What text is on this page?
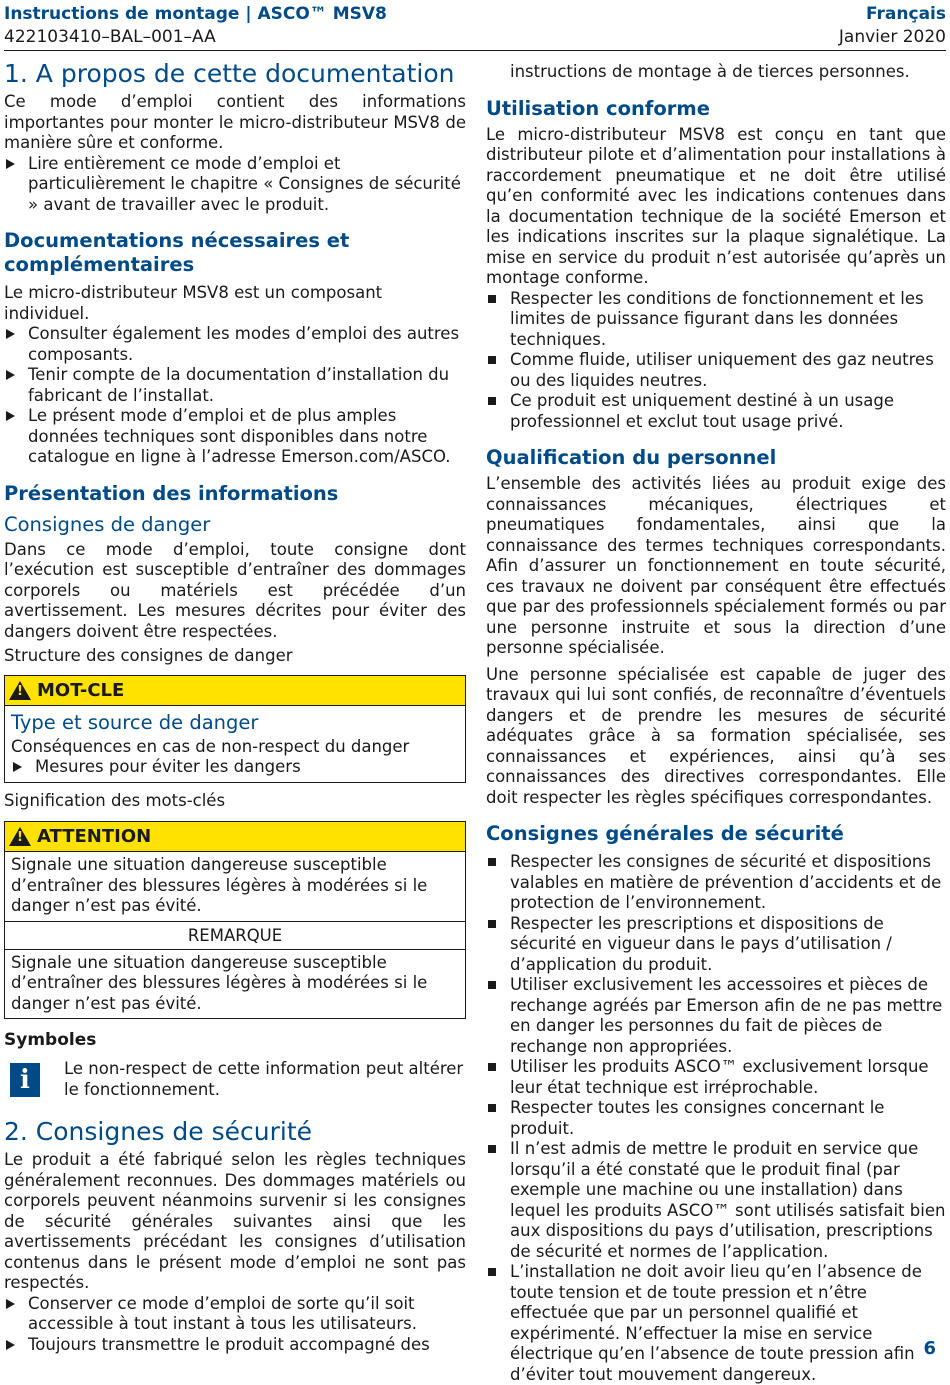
Instructions de montage | ASCO™ MSV8
422103410–BAL–001–AA
Français
Janvier 2020
1. A propos de cette documentation

Ce mode d’emploi contient des informations importantes pour monter le micro-distributeur MSV8 de manière sûre et conforme.

Lire entièrement ce mode d’emploi et particulièrement le chapitre « Consignes de sécurité » avant de travailler avec le produit.
Documentations nécessaires et complémentaires

Le micro-distributeur MSV8 est un composant individuel.

Consulter également les modes d’emploi des autres composants.
Tenir compte de la documentation d’installation du fabricant de l’installat.
Le présent mode d’emploi et de plus amples données techniques sont disponibles dans notre catalogue en ligne à l’adresse Emerson.com/ASCO.
Présentation des informations
Consignes de danger

Dans ce mode d’emploi, toute consigne dont l’exécution est susceptible d’entraîner des dommages corporels ou matériels est précédée d’un avertissement. Les mesures décrites pour éviter des dangers doivent être respectées.

Structure des consignes de danger

!
MOT-CLE
Type et source de danger

Conséquences en cas de non-respect du danger

Mesures pour éviter les dangers

Signification des mots-clés

!
ATTENTION

Signale une situation dangereuse susceptible d’entraîner des blessures légères à modérées si le danger n’est pas évité.

REMARQUE

Signale une situation dangereuse susceptible d’entraîner des blessures légères à modérées si le danger n’est pas évité.

Symboles
i	Le non-respect de cette information peut altérer le fonctionnement.

2. Consignes de sécurité

Le produit a été fabriqué selon les règles techniques généralement reconnues. Des dommages matériels ou corporels peuvent néanmoins survenir si les consignes de sécurité générales suivantes ainsi que les avertissements précédant les consignes d’utilisation contenus dans le présent mode d’emploi ne sont pas respectés.

Conserver ce mode d’emploi de sorte qu’il soit accessible à tout instant à tous les utilisateurs.
Toujours transmettre le produit accompagné des

instructions de montage à de tierces personnes.

Utilisation conforme

Le micro-distributeur MSV8 est conçu en tant que distributeur pilote et d’alimentation pour installations à raccordement pneumatique et ne doit être utilisé qu’en conformité avec les indications contenues dans la documentation technique de la société Emerson et les indications inscrites sur la plaque signalétique. La mise en service du produit n’est autorisée qu’après un montage conforme.

Respecter les conditions de fonctionnement et les limites de puissance figurant dans les données techniques.
Comme fluide, utiliser uniquement des gaz neutres ou des liquides neutres.
Ce produit est uniquement destiné à un usage professionnel et exclut tout usage privé.
Qualification du personnel

L’ensemble des activités liées au produit exige des connaissances mécaniques, électriques et pneumatiques fondamentales, ainsi que la connaissance des termes techniques correspondants. Afin d’assurer un fonctionnement en toute sécurité, ces travaux ne doivent par conséquent être effectués que par des professionnels spécialement formés ou par une personne instruite et sous la direction d’une personne spécialisée.

Une personne spécialisée est capable de juger des travaux qui lui sont confiés, de reconnaître d’éventuels dangers et de prendre les mesures de sécurité adéquates grâce à sa formation spécialisée, ses connaissances et expériences, ainsi qu’à ses connaissances des directives correspondantes. Elle doit respecter les règles spécifiques correspondantes.

Consignes générales de sécurité
Respecter les consignes de sécurité et dispositions valables en matière de prévention d’accidents et de protection de l’environnement.
Respecter les prescriptions et dispositions de sécurité en vigueur dans le pays d’utilisation / d’application du produit.
Utiliser exclusivement les accessoires et pièces de rechange agréés par Emerson afin de ne pas mettre en danger les personnes du fait de pièces de rechange non appropriées.
Utiliser les produits ASCO™ exclusivement lorsque leur état technique est irréprochable.
Respecter toutes les consignes concernant le produit.
Il n’est admis de mettre le produit en service que lorsqu’il a été constaté que le produit final (par exemple une machine ou une installation) dans lequel les produits ASCO™ sont utilisés satisfait bien aux dispositions du pays d’utilisation, prescriptions de sécurité et normes de l’application.
L’installation ne doit avoir lieu qu’en l’absence de toute tension et de toute pression et n’être effectuée que par un personnel qualifié et expérimenté. N’effectuer la mise en service électrique qu’en l’absence de toute pression afin d’éviter tout mouvement dangereux.
6
